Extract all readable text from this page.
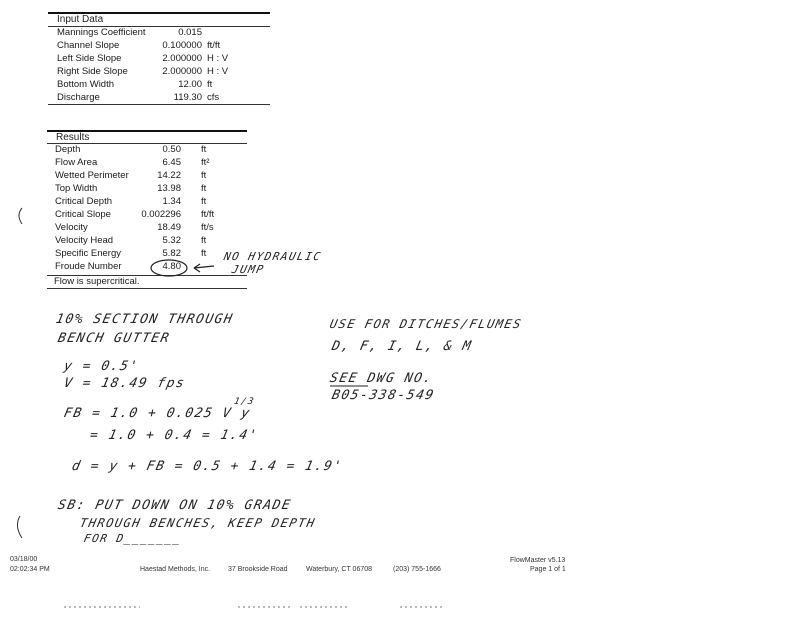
Input Data
Mannings Coefficient	0.015
Channel Slope	0.100000 ft/ft
Left Side Slope	2.000000 H : V
Right Side Slope	2.000000 H : V
Bottom Width	12.00 ft
Discharge	119.30 cfs
Results
Depth	0.50 ft
Flow Area	6.45 ft²
Wetted Perimeter	14.22 ft
Top Width	13.98 ft
Critical Depth	1.34 ft
Critical Slope	0.002296 ft/ft
Velocity	18.49 ft/s
Velocity Head	5.32 ft
Specific Energy	5.82 ft
Froude Number	4.80
Flow is supercritical.
NO HYDRAULIC
JUMP
10% SECTION THROUGH
BENCH GUTTER
y = 0.5'
V = 18.49 fps
FB = 1.0 + 0.025 V y
1/3
= 1.0 + 0.4 = 1.4'
d = y + FB = 0.5 + 1.4 = 1.9'
SB: PUT DOWN ON 10% GRADE
THROUGH BENCHES, KEEP DEPTH
FOR D_______
USE FOR DITCHES/FLUMES
D, F, I, L, & M
SEE DWG NO.
B05-338-549
03/18/00
02:02:34 PM	Haestad Methods, Inc.	37 Brookside Road	Waterbury, CT 06708	(203) 755-1666
FlowMaster v5.13
Page 1 of 1
